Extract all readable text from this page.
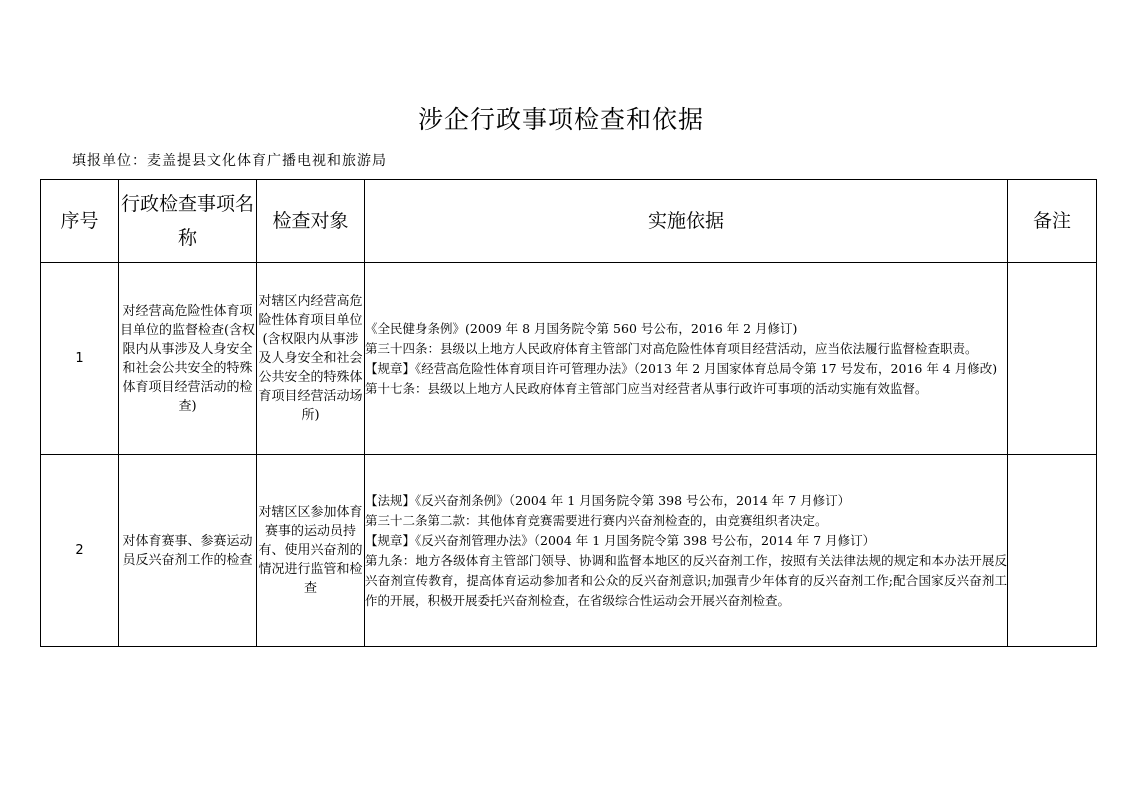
涉企行政事项检查和依据
填报单位：麦盖提县文化体育广播电视和旅游局
序号	行政检查事项名称	检查对象	实施依据	备注
1	对经营高危险性体育项目单位的监督检查(含权限内从事涉及人身安全和社会公共安全的特殊体育项目经营活动的检查)	对辖区内经营高危险性体育项目单位(含权限内从事涉及人身安全和社会公共安全的特殊体育项目经营活动场所)	《全民健身条例》(2009 年 8 月国务院令第 560 号公布，2016 年 2 月修订)
第三十四条：县级以上地方人民政府体育主管部门对高危险性体育项目经营活动，应当依法履行监督检查职责。
【规章】《经营高危险性体育项目许可管理办法》（2013 年 2 月国家体育总局令第 17 号发布，2016 年 4 月修改)
第十七条：县级以上地方人民政府体育主管部门应当对经营者从事行政许可事项的活动实施有效监督。	

2	对体育赛事、参赛运动员反兴奋剂工作的检查	对辖区区参加体育赛事的运动员持有、使用兴奋剂的情况进行监管和检查	【法规】《反兴奋剂条例》（2004 年 1 月国务院令第 398 号公布，2014 年 7 月修订）
第三十二条第二款：其他体育竞赛需要进行赛内兴奋剂检查的，由竞赛组织者决定。
【规章】《反兴奋剂管理办法》（2004 年 1 月国务院令第 398 号公布，2014 年 7 月修订）
第九条：地方各级体育主管部门领导、协调和监督本地区的反兴奋剂工作，按照有关法律法规的规定和本办法开展反兴奋剂宣传教育，提高体育运动参加者和公众的反兴奋剂意识;加强青少年体育的反兴奋剂工作;配合国家反兴奋剂工作的开展，积极开展委托兴奋剂检查，在省级综合性运动会开展兴奋剂检查。	
